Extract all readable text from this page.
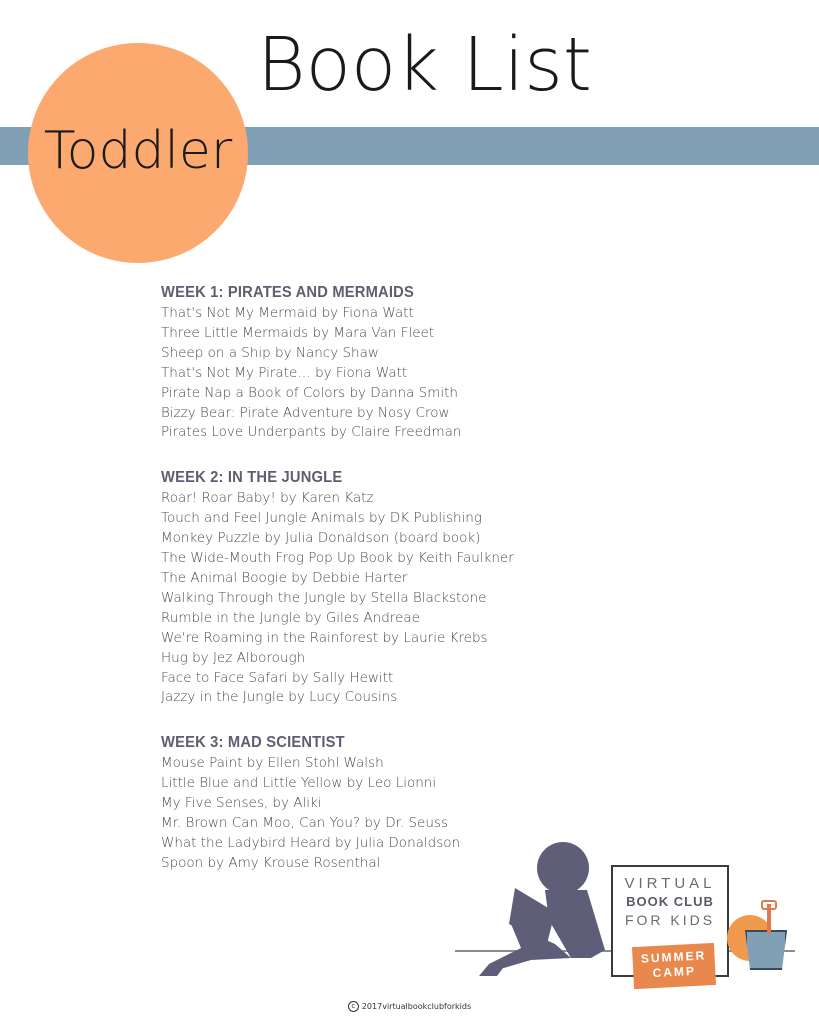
Book List
Toddler
WEEK 1: PIRATES AND MERMAIDS
That's Not My Mermaid by Fiona Watt
Three Little Mermaids by Mara Van Fleet
Sheep on a Ship by Nancy Shaw
That's Not My Pirate… by Fiona Watt
Pirate Nap a Book of Colors by Danna Smith
Bizzy Bear: Pirate Adventure by Nosy Crow
Pirates Love Underpants by Claire Freedman
WEEK 2: IN THE JUNGLE
Roar! Roar Baby! by Karen Katz
Touch and Feel Jungle Animals by DK Publishing
Monkey Puzzle by Julia Donaldson (board book)
The Wide-Mouth Frog Pop Up Book by Keith Faulkner
The Animal Boogie by Debbie Harter
Walking Through the Jungle by Stella Blackstone
Rumble in the Jungle by Giles Andreae
We're Roaming in the Rainforest by Laurie Krebs
Hug by Jez Alborough
Face to Face Safari by Sally Hewitt
Jazzy in the Jungle by Lucy Cousins
WEEK 3: MAD SCIENTIST
Mouse Paint by Ellen Stohl Walsh
Little Blue and Little Yellow by Leo Lionni
My Five Senses, by Aliki
Mr. Brown Can Moo, Can You? by Dr. Seuss
What the Ladybird Heard by Julia Donaldson
Spoon by Amy Krouse Rosenthal
VIRTUAL
BOOK CLUB
FOR KIDS
SUMMER
CAMP
c 2017virtualbookclubforkids
